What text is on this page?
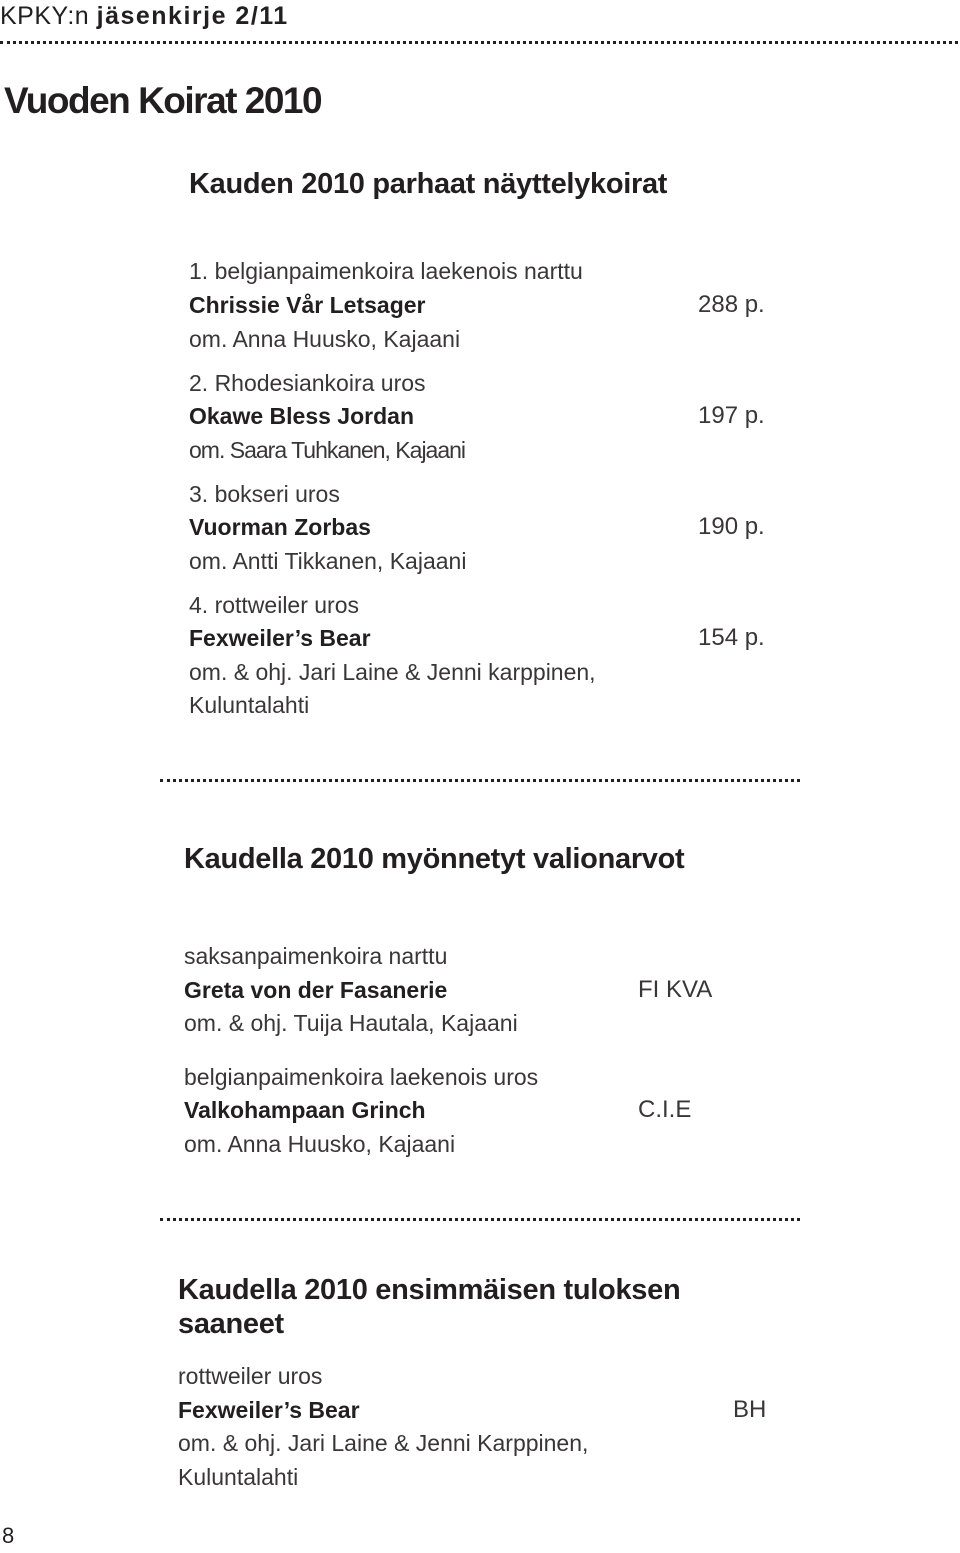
KPKY:n jäsenkirje 2/11
Vuoden Koirat 2010
Kauden 2010 parhaat näyttelykoirat
1. belgianpaimenkoira laekenois narttu
Chrissie Vår Letsager	288 p.
om. Anna Huusko, Kajaani
2. Rhodesiankoira uros
Okawe Bless Jordan	197 p.
om. Saara Tuhkanen, Kajaani
3. bokseri uros
Vuorman Zorbas	190 p.
om. Antti Tikkanen, Kajaani
4. rottweiler uros
Fexweiler’s Bear	154 p.
om. & ohj. Jari Laine & Jenni karppinen,
Kuluntalahti
Kaudella 2010 myönnetyt valionarvot
saksanpaimenkoira narttu
Greta von der Fasanerie	FI KVA
om. & ohj. Tuija Hautala, Kajaani
belgianpaimenkoira laekenois uros
Valkohampaan Grinch	C.I.E
om. Anna Huusko, Kajaani
Kaudella 2010 ensimmäisen tuloksen
saaneet
rottweiler uros
Fexweiler’s Bear	BH
om. & ohj. Jari Laine & Jenni Karppinen,
Kuluntalahti
8
